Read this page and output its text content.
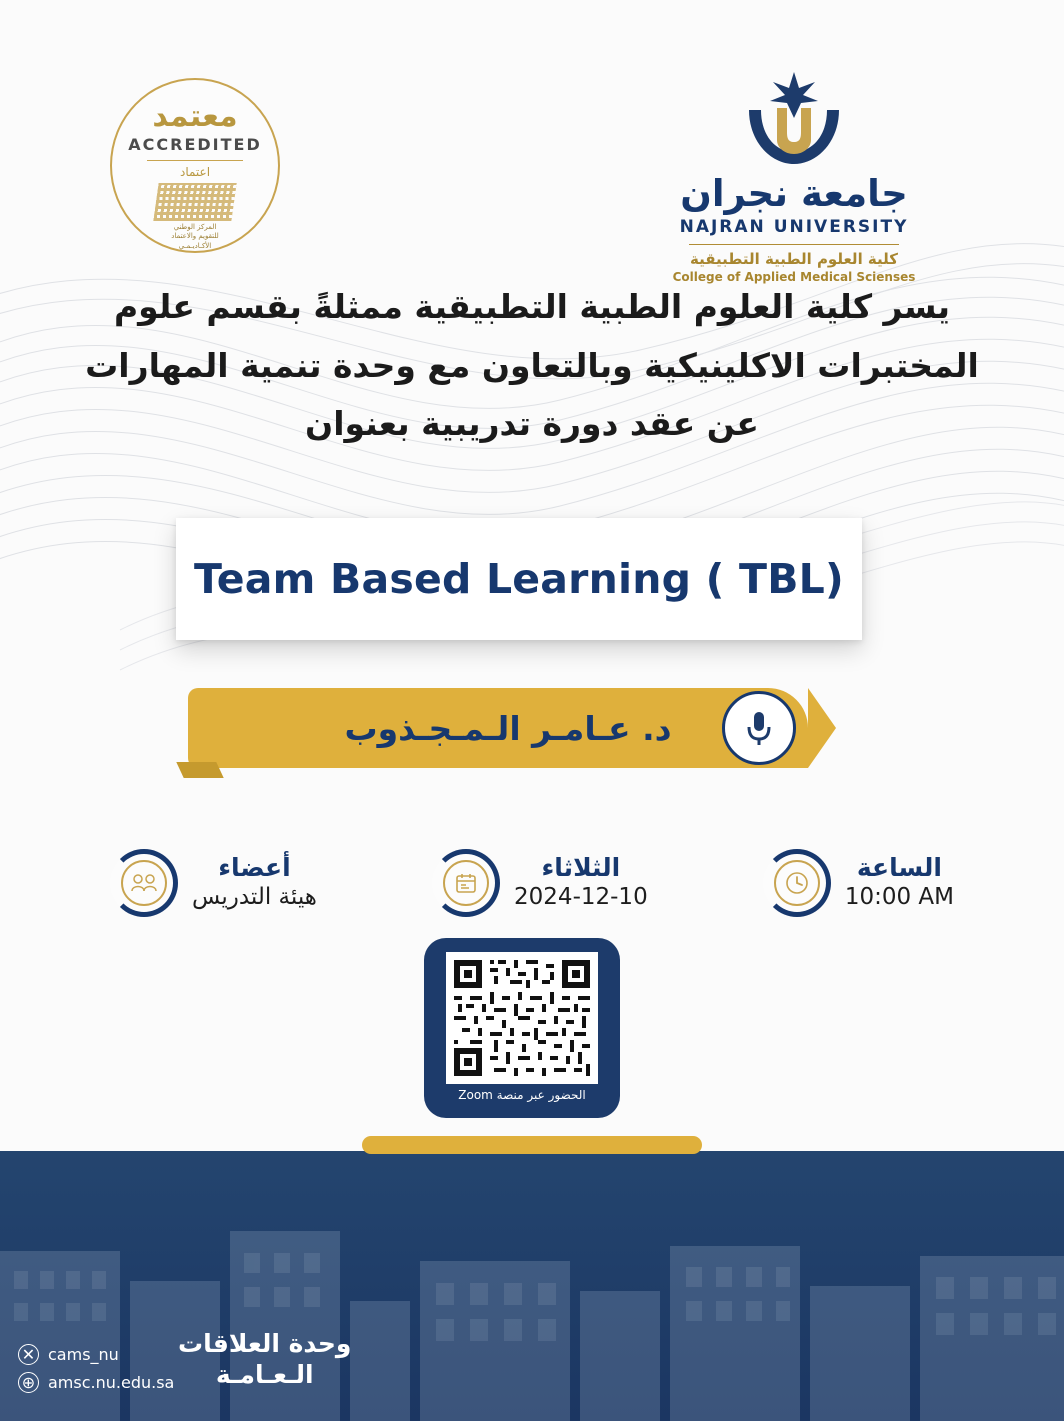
معتمد
ACCREDITED
اعتماد
المركز الوطني
للتقويم والاعتماد
الأكـاديـمـي
جامعة نجران
NAJRAN UNIVERSITY
كلية العلوم الطبية التطبيقية
College of Applied Medical Scienses
يسر كلية العلوم الطبية التطبيقية ممثلةً بقسم علوم المختبرات الاكلينيكية وبالتعاون مع وحدة تنمية المهارات عن عقد دورة تدريبية بعنوان
Team Based Learning ( TBL)
د. عـامـر الـمـجـذوب
الساعة
10:00 AM
الثلاثاء
2024-12-10
أعضاء
هيئة التدريس
الحضور عبر منصة Zoom
✕ cams_nu
⊕ amsc.nu.edu.sa
وحدة العلاقات
الـعـامـة
